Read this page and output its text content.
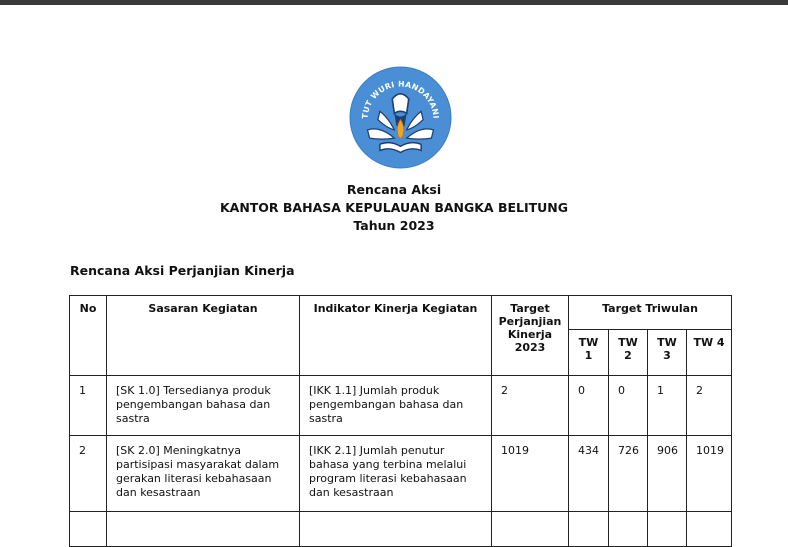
TUT WURI HANDAYANI
Rencana Aksi
KANTOR BAHASA KEPULAUAN BANGKA BELITUNG
Tahun 2023
Rencana Aksi Perjanjian Kinerja
No	Sasaran Kegiatan	Indikator Kinerja Kegiatan	Target Perjanjian Kinerja 2023	Target Triwulan			
				TW 1	TW 2	TW 3	TW 4
1	[SK 1.0] Tersedianya produk pengembangan bahasa dan sastra	[IKK 1.1] Jumlah produk pengembangan bahasa dan sastra	2	0	0	1	2
2	[SK 2.0] Meningkatnya partisipasi masyarakat dalam gerakan literasi kebahasaan dan kesastraan	[IKK 2.1] Jumlah penutur bahasa yang terbina melalui program literasi kebahasaan dan kesastraan	1019	434	726	906	1019
